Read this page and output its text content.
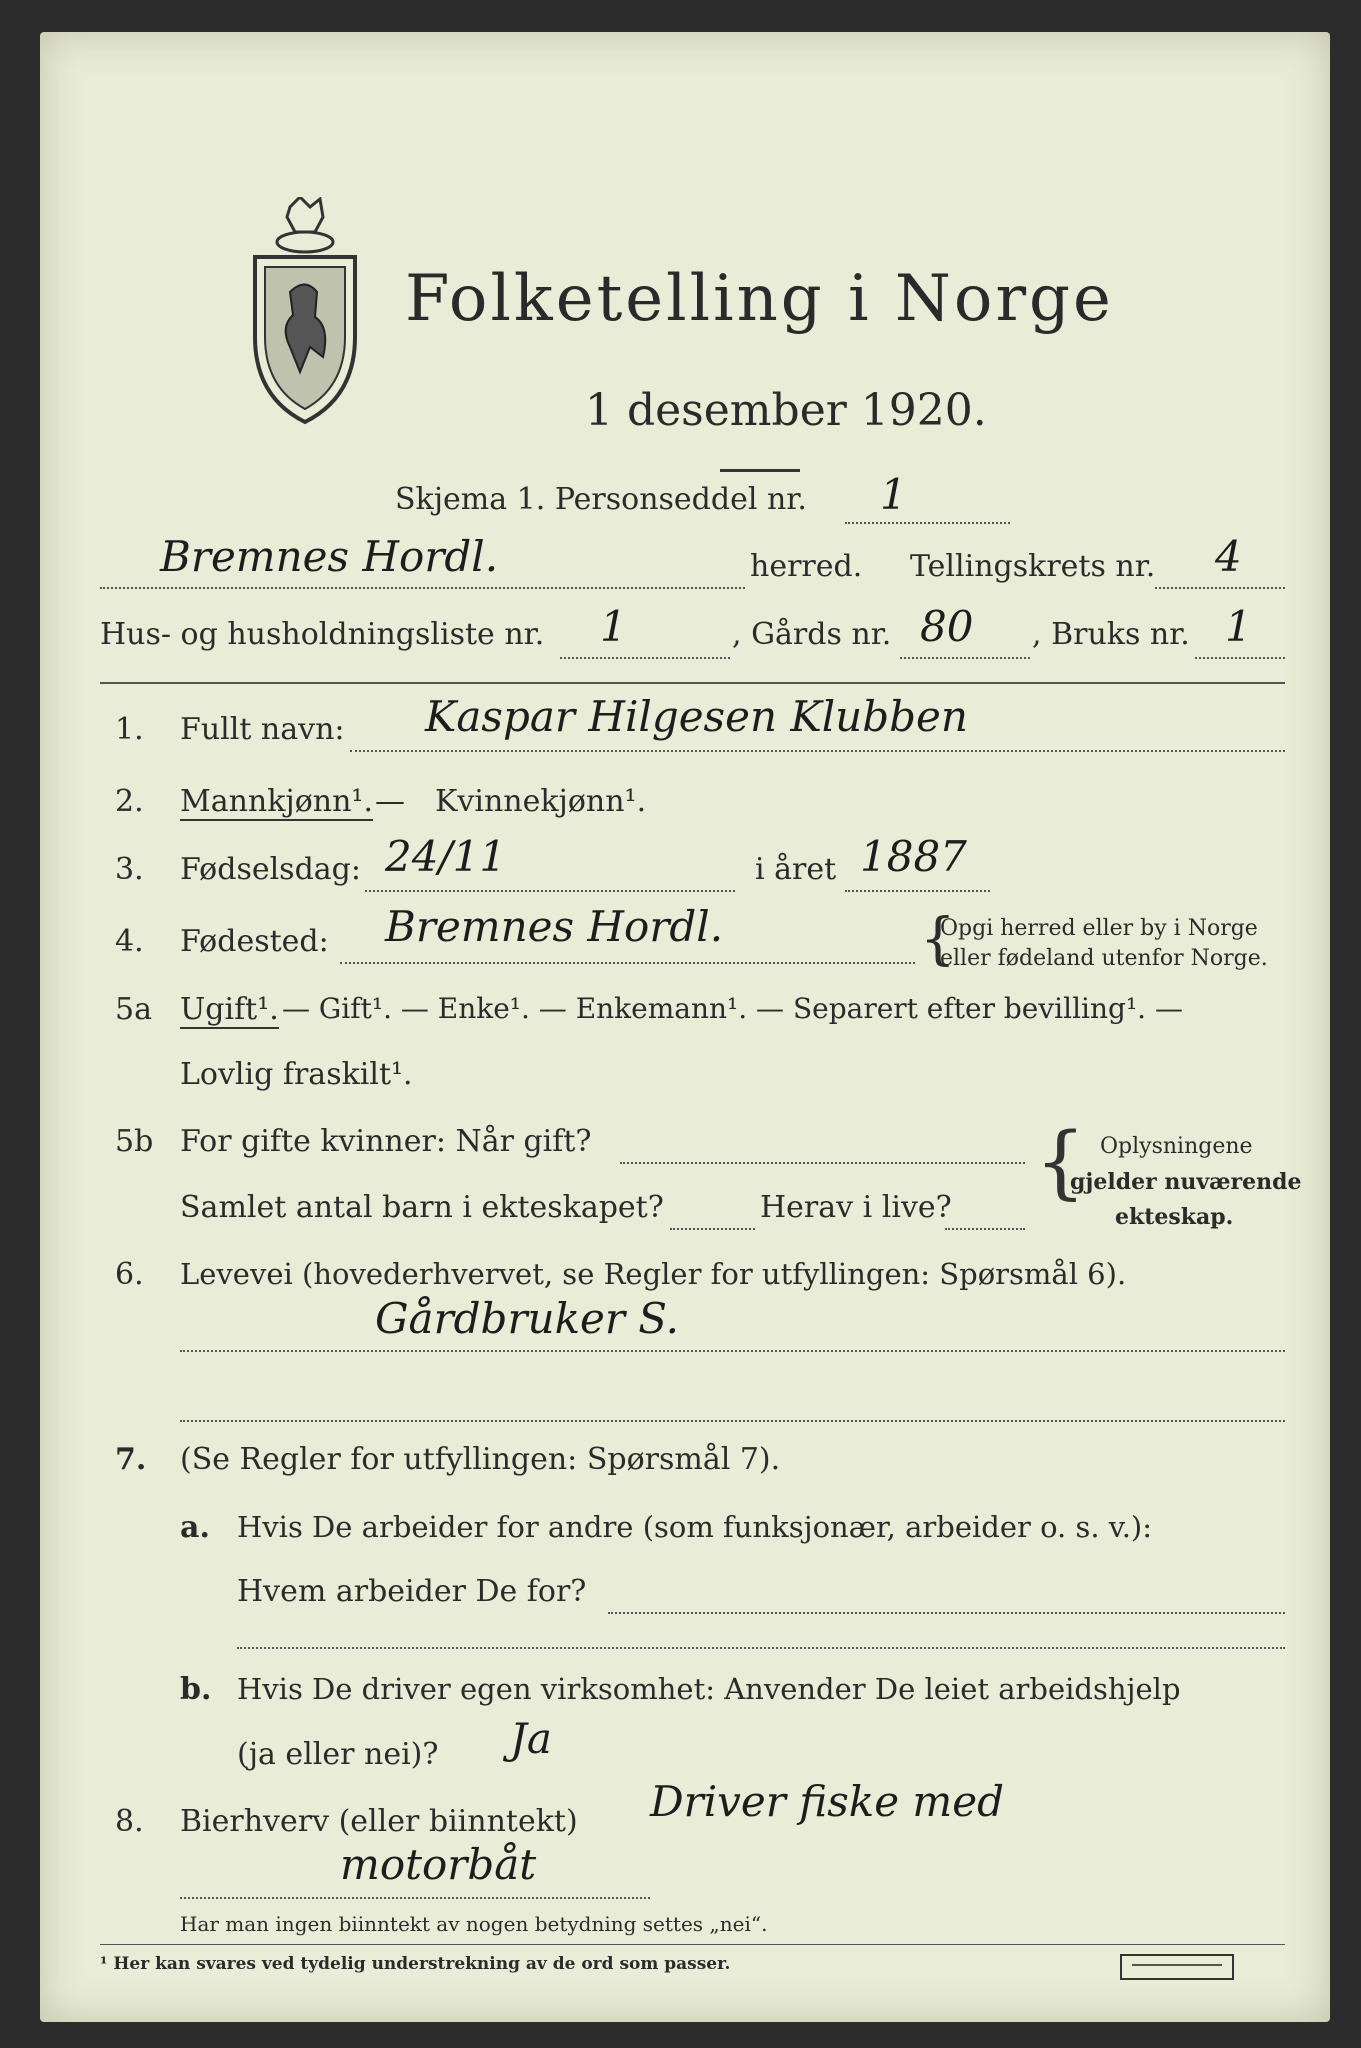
Folketelling i Norge
1 desember 1920.
Skjema 1. Personseddel nr. 1
Bremnes Hordl.	herred. Tellingskrets nr. 4
Hus- og husholdningsliste nr. 1	, Gårds nr. 80 , Bruks nr. 1
1. Fullt navn: Kaspar Hilgesen Klubben
2. Mannkjønn¹. — Kvinnekjønn¹.
3. Fødselsdag: 24/11	i året 1887
4. Fødested: Bremnes Hordl.	{
Opgi herred eller by i Norge
eller fødeland utenfor Norge.
5a Ugift¹. — Gift¹. — Enke¹. — Enkemann¹. — Separert efter bevilling¹. —
Lovlig fraskilt¹.
5b For gifte kvinner: Når gift?
Samlet antal barn i ekteskapet?	Herav i live? { Oplysningene
gjelder nuværende
ekteskap.
6. Levevei (hovederhvervet, se Regler for utfyllingen: Spørsmål 6).
Gårdbruker S.
7. (Se Regler for utfyllingen: Spørsmål 7).
a. Hvis De arbeider for andre (som funksjonær, arbeider o. s. v.):
Hvem arbeider De for?
b. Hvis De driver egen virksomhet: Anvender De leiet arbeidshjelp
(ja eller nei)? Ja
8. Bierhverv (eller biinntekt) Driver fiske med
motorbåt
Har man ingen biinntekt av nogen betydning settes „nei“.
¹ Her kan svares ved tydelig understrekning av de ord som passer.
